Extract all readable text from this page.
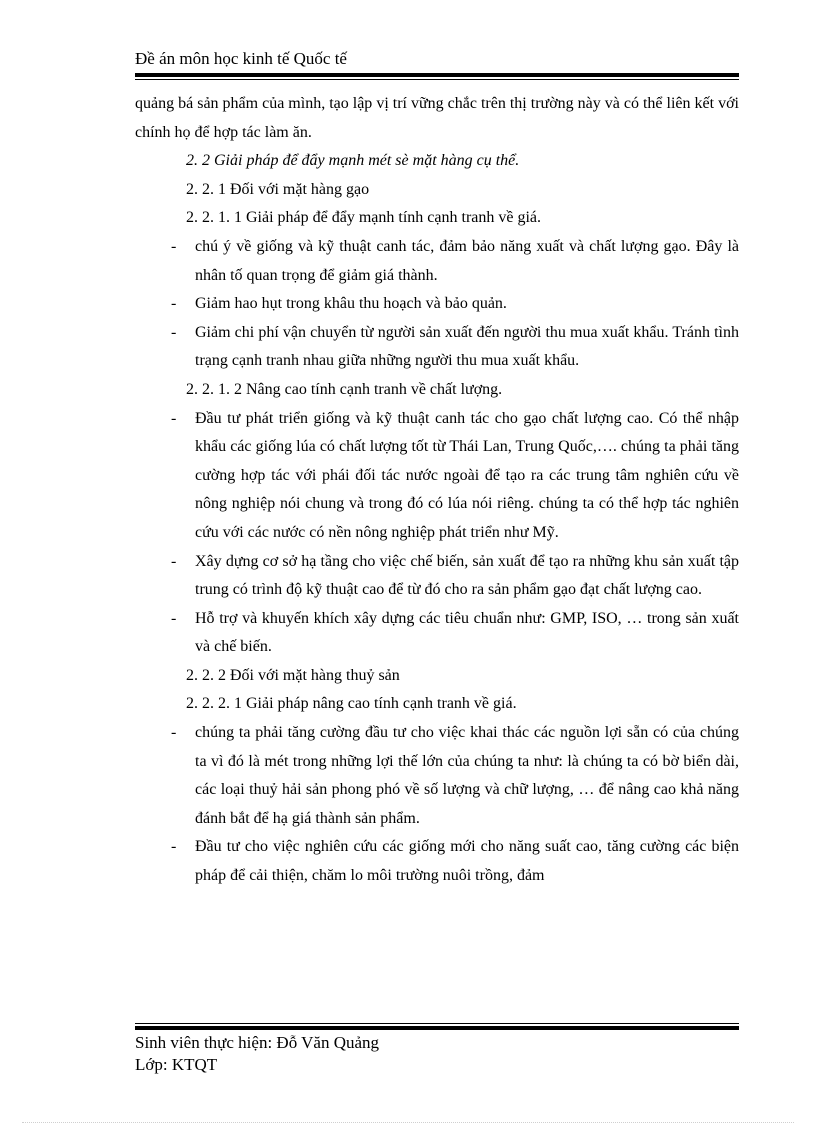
Đề án môn học kinh tế Quốc tế

quảng bá sản phẩm của mình, tạo lập vị trí vững chắc trên thị trường này và có thể liên kết với chính họ để hợp tác làm ăn.

2. 2 Giải pháp để đẩy mạnh mét sè mặt hàng cụ thể.

2. 2. 1 Đối với mặt hàng gạo

2. 2. 1. 1 Giải pháp để đẩy mạnh tính cạnh tranh về giá.

- chú ý về giống và kỹ thuật canh tác, đảm bảo năng xuất và chất lượng gạo. Đây là nhân tố quan trọng để giảm giá thành.
- Giảm hao hụt trong khâu thu hoạch và bảo quản.
- Giảm chi phí vận chuyển từ người sản xuất đến người thu mua xuất khẩu. Tránh tình trạng cạnh tranh nhau giữa những người thu mua xuất khẩu.

2. 2. 1. 2 Nâng cao tính cạnh tranh về chất lượng.

- Đầu tư phát triển giống và kỹ thuật canh tác cho gạo chất lượng cao. Có thể nhập khẩu các giống lúa có chất lượng tốt từ Thái Lan, Trung Quốc,…. chúng ta phải tăng cường hợp tác với phái đối tác nước ngoài để tạo ra các trung tâm nghiên cứu về nông nghiệp nói chung và trong đó có lúa nói riêng. chúng ta có thể hợp tác nghiên cứu với các nước có nền nông nghiệp phát triển như Mỹ.
- Xây dựng cơ sở hạ tầng cho việc chế biến, sản xuất để tạo ra những khu sản xuất tập trung có trình độ kỹ thuật cao để từ đó cho ra sản phẩm gạo đạt chất lượng cao.
- Hỗ trợ và khuyến khích xây dựng các tiêu chuẩn như: GMP, ISO, … trong sản xuất và chế biến.

2. 2. 2 Đối với mặt hàng thuỷ sản

2. 2. 2. 1 Giải pháp nâng cao tính cạnh tranh về giá.

- chúng ta phải tăng cường đầu tư cho việc khai thác các nguồn lợi sẵn có của chúng ta vì đó là mét trong những lợi thế lớn của chúng ta như: là chúng ta có bờ biển dài, các loại thuỷ hải sản phong phó về số lượng và chữ lượng, … để nâng cao khả năng đánh bắt để hạ giá thành sản phẩm.
- Đầu tư cho việc nghiên cứu các giống mới cho năng suất cao, tăng cường các biện pháp để cải thiện, chăm lo môi trường nuôi trồng, đảm
Sinh viên thực hiện: Đỗ Văn Quảng
Lớp: KTQT
